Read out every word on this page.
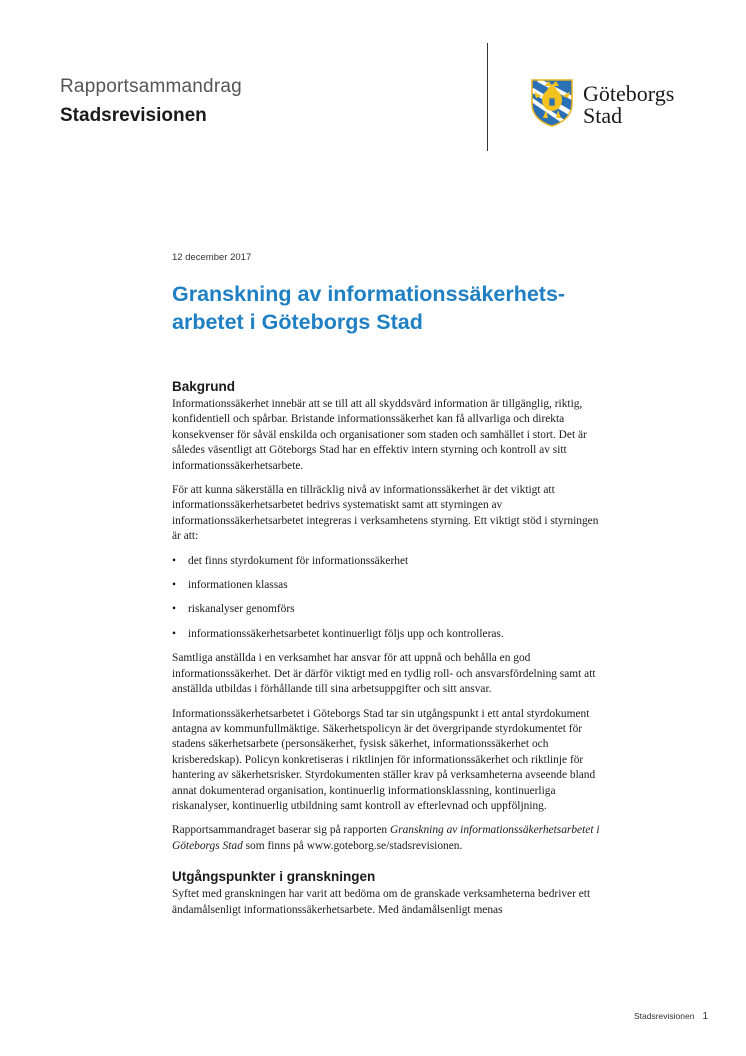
Rapportsammandrag
Stadsrevisionen
Göteborgs
Stad
12 december 2017
Granskning av informationssäkerhets-
arbetet i Göteborgs Stad
Bakgrund

Informationssäkerhet innebär att se till att all skyddsvärd information är tillgänglig, riktig, konfidentiell och spårbar. Bristande informationssäkerhet kan få allvarliga och direkta konsekvenser för såväl enskilda och organisationer som staden och samhället i stort. Det är således väsentligt att Göteborgs Stad har en effektiv intern styrning och kontroll av sitt informationssäkerhetsarbete.

För att kunna säkerställa en tillräcklig nivå av informationssäkerhet är det viktigt att informationssäkerhetsarbetet bedrivs systematiskt samt att styrningen av informationssäkerhetsarbetet integreras i verksamhetens styrning. Ett viktigt stöd i styrningen är att:

• det finns styrdokument för informationssäkerhet
• informationen klassas
• riskanalyser genomförs
• informationssäkerhetsarbetet kontinuerligt följs upp och kontrolleras.

Samtliga anställda i en verksamhet har ansvar för att uppnå och behålla en god informationssäkerhet. Det är därför viktigt med en tydlig roll- och ansvarsfördelning samt att anställda utbildas i förhållande till sina arbetsuppgifter och sitt ansvar.

Informationssäkerhetsarbetet i Göteborgs Stad tar sin utgångspunkt i ett antal styrdokument antagna av kommunfullmäktige. Säkerhetspolicyn är det övergripande styrdokumentet för stadens säkerhetsarbete (personsäkerhet, fysisk säkerhet, informationssäkerhet och krisberedskap). Policyn konkretiseras i riktlinjen för informationssäkerhet och riktlinje för hantering av säkerhetsrisker. Styrdokumenten ställer krav på verksamheterna avseende bland annat dokumenterad organisation, kontinuerlig informationsklassning, kontinuerliga riskanalyser, kontinuerlig utbildning samt kontroll av efterlevnad och uppföljning.

Rapportsammandraget baserar sig på rapporten Granskning av informationssäkerhetsarbetet i Göteborgs Stad som finns på www.goteborg.se/stadsrevisionen.

Utgångspunkter i granskningen

Syftet med granskningen har varit att bedöma om de granskade verksamheterna bedriver ett ändamålsenligt informationssäkerhetsarbete. Med ändamålsenligt menas

Stadsrevisionen 1
